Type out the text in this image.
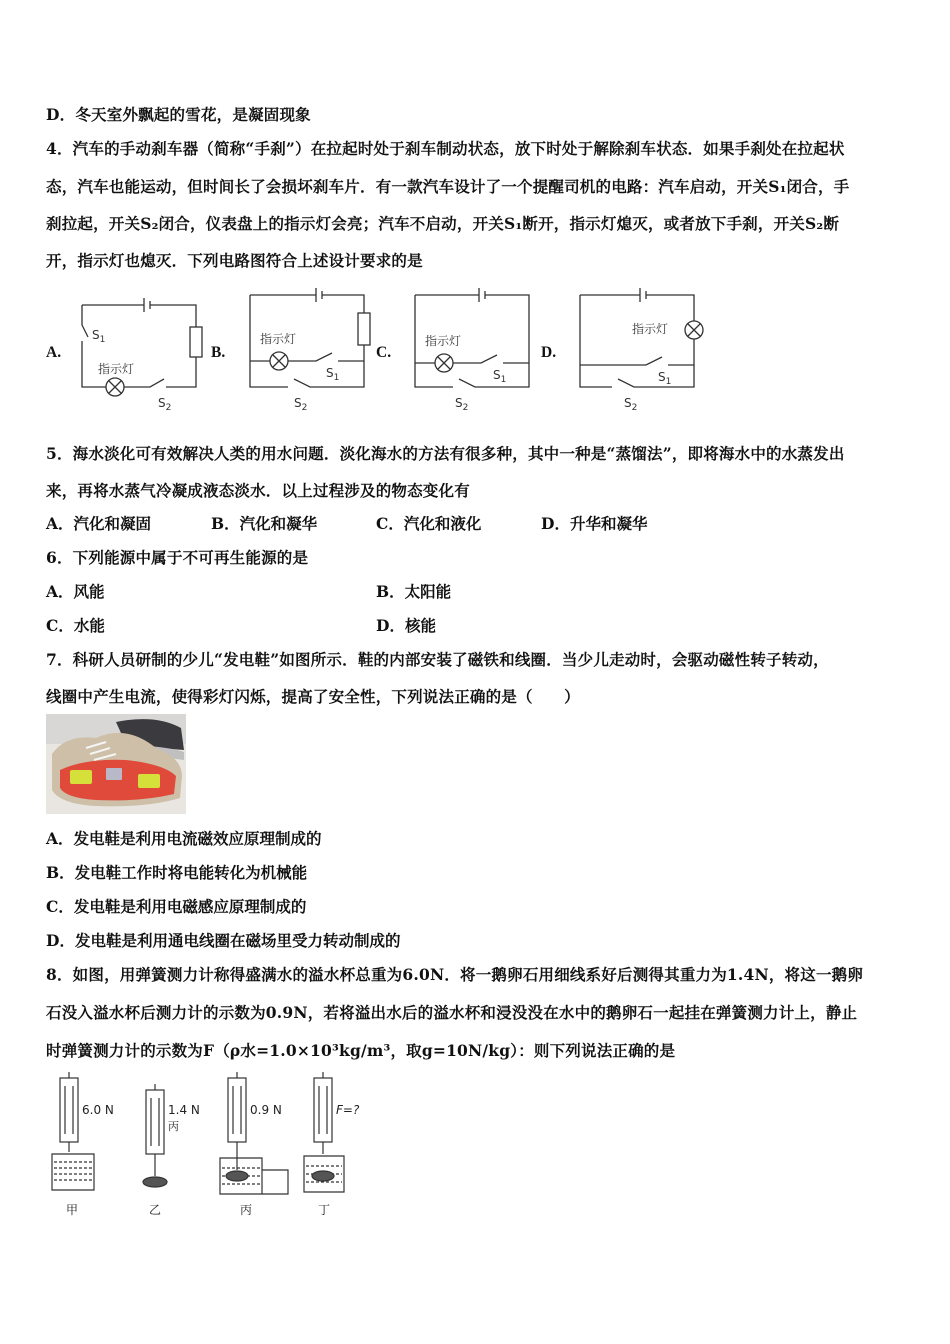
D．冬天室外飘起的雪花，是凝固现象
4．汽车的手动刹车器（简称“手刹”）在拉起时处于刹车制动状态，放下时处于解除刹车状态．如果手刹处在拉起状
态，汽车也能运动，但时间长了会损坏刹车片．有一款汽车设计了一个提醒司机的电路：汽车启动，开关S₁闭合，手
刹拉起，开关S₂闭合，仪表盘上的指示灯会亮；汽车不启动，开关S₁断开，指示灯熄灭，或者放下手刹，开关S₂断
开，指示灯也熄灭．下列电路图符合上述设计要求的是
A.	B.	C.	D.
$S_1$
指示灯
$S_2$
指示灯
$S_1$
$S_2$
指示灯
$S_1$
$S_2$
指示灯
$S_1$
$S_2$
5．海水淡化可有效解决人类的用水问题．淡化海水的方法有很多种，其中一种是“蒸馏法”，即将海水中的水蒸发出
来，再将水蒸气冷凝成液态淡水．以上过程涉及的物态变化有
A．汽化和凝固	B．汽化和凝华	C．汽化和液化	D．升华和凝华
6．下列能源中属于不可再生能源的是
A．风能	B．太阳能
C．水能	D．核能
7．科研人员研制的少儿“发电鞋”如图所示．鞋的内部安装了磁铁和线圈．当少儿走动时，会驱动磁性转子转动，
线圈中产生电流，使得彩灯闪烁，提高了安全性，下列说法正确的是（　　）
A．发电鞋是利用电流磁效应原理制成的
B．发电鞋工作时将电能转化为机械能
C．发电鞋是利用电磁感应原理制成的
D．发电鞋是利用通电线圈在磁场里受力转动制成的
8．如图，用弹簧测力计称得盛满水的溢水杯总重为6.0N．将一鹅卵石用细线系好后测得其重力为1.4N，将这一鹅卵
石没入溢水杯后测力计的示数为0.9N，若将溢出水后的溢水杯和浸没没在水中的鹅卵石一起挂在弹簧测力计上，静止
时弹簧测力计的示数为F（ρ水=1.0×10³kg/m³，取g=10N/kg）：则下列说法正确的是
6.0 N	1.4 N
丙
0.9 N	F=?
甲	乙	丙	丁
